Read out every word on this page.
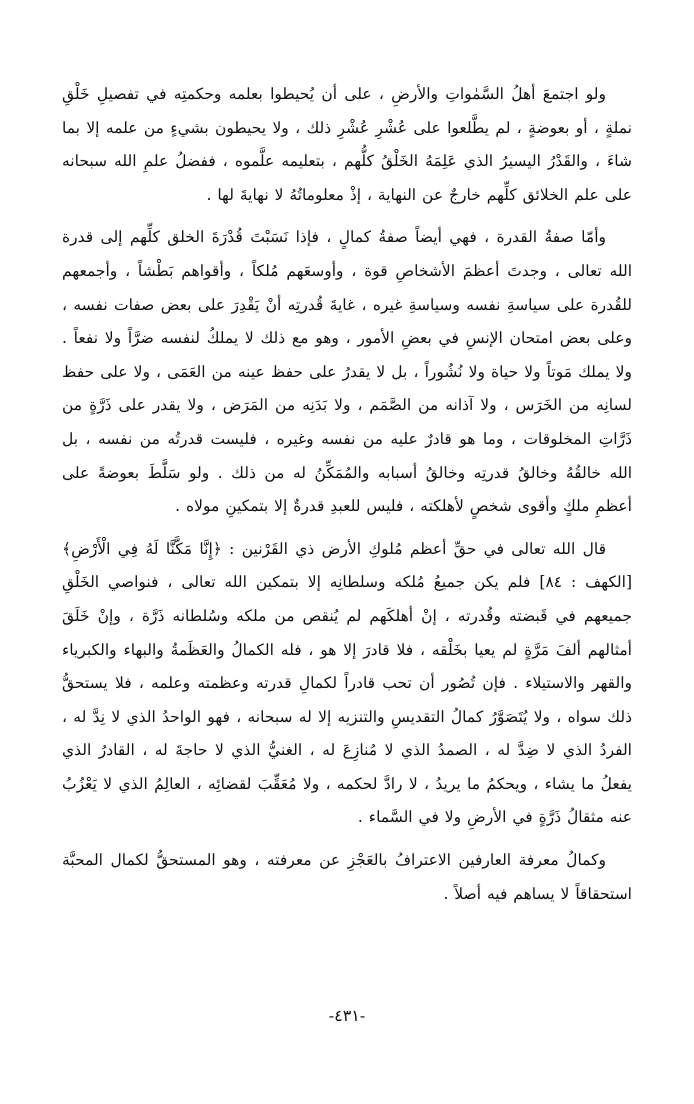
ولو اجتمعَ أهلُ السَّمٰواتِ والأرضِ ، على أن يُحيطوا بعلمه وحكمتِه في تفصيلِ خَلْقِ نملةٍ ، أو بعوضةٍ ، لم يطَّلعوا على عُشْرِ عُشْرِ ذلك ، ولا يحيطون بشيءٍ من علمه إلا بما شاءَ ، والقَدْرُ اليسيرُ الذي عَلِمَهُ الخَلْقُ كلُّهم ، بتعليمه علَّموه ، ففضلُ علمِ الله سبحانه على علم الخلائق كلِّهم خارجٌ عن النهاية ، إذْ معلوماتُهُ لا نهايةَ لها .

وأمّا صفةُ القدرة ، فهي أيضاً صفةُ كمالٍ ، فإذا نَسَبْتَ قُدْرَةَ الخلق كلِّهم إلى قدرة الله تعالى ، وجدتَ أعظمَ الأشخاصِ قوة ، وأوسعَهم مُلكاً ، وأقواهم بَطْشاً ، وأجمعهم للقُدرة على سياسةِ نفسه وسياسةِ غيره ، غايةَ قُدرتِه أنْ يَقْدِرَ على بعض صفات نفسه ، وعلى بعض امتحان الإنسِ في بعضِ الأمور ، وهو مع ذلك لا يملكُ لنفسه ضرَّاً ولا نفعاً . ولا يملك مَوتاً ولا حياة ولا نُشُوراً ، بل لا يقدرُ على حفظ عينه من العَمَى ، ولا على حفظ لسانِه من الخَرَس ، ولا آذانه من الصَّمَم ، ولا بَدَنِه من المَرَض ، ولا يقدر على ذَرَّةٍ من ذَرَّاتِ المخلوقات ، وما هو قادرٌ عليه من نفسه وغيره ، فليست قدرتُه من نفسه ، بل الله خالقُهُ وخالقُ قدرتِه وخالقُ أسبابه والمُمَكِّنُ له من ذلك . ولو سَلَّطَ بعوضةً على أعظمِ ملكٍ وأقوى شخصٍ لأهلكته ، فليس للعبدِ قدرةٌ إلا بتمكينِ مولاه .

قال الله تعالى في حقِّ أعظم مُلوكِ الأرض ذي القَرْنين : ﴿إِنَّا مَكَّنَّا لَهُ فِي الْأَرْضِ﴾ [الكهف : ٨٤] فلم يكن جميعُ مُلكه وسلطانِه إلا بتمكين الله تعالى ، فنواصي الخَلْقِ جميعهم في قَبضته وقُدرته ، إنْ أهلكَهم لم يُنقص من ملكه وسُلطانه ذَرَّة ، وإنْ خَلَقَ أمثالهم ألفَ مَرَّةٍ لم يعيا بخَلْقه ، فلا قادرَ إلا هو ، فله الكمالُ والعَظَمةُ والبهاء والكبرياء والقهر والاستيلاء . فإن تُصُور أن تحب قادراً لكمالِ قدرته وعظمته وعلمه ، فلا يستحقُّ ذلك سواه ، ولا يُتَصَوَّرُ كمالُ التقديسِ والتنزيه إلا له سبحانه ، فهو الواحدُ الذي لا نِدَّ له ، الفردُ الذي لا ضِدَّ له ، الصمدُ الذي لا مُنازِعَ له ، الغنيُّ الذي لا حاجةَ له ، القادرُ الذي يفعلُ ما يشاء ، ويحكمُ ما يريدُ ، لا رادَّ لحكمه ، ولا مُعَقِّبَ لقضائِه ، العالِمُ الذي لا يَعْزُبُ عنه مثقالُ ذَرَّةٍ في الأرضِ ولا في السَّماء .

وكمالُ معرفة العارفين الاعترافُ بالعَجْزِ عن معرفته ، وهو المستحقُّ لكمال المحبَّة استحقاقاً لا يساهم فيه أصلاً .

-٤٣١-
